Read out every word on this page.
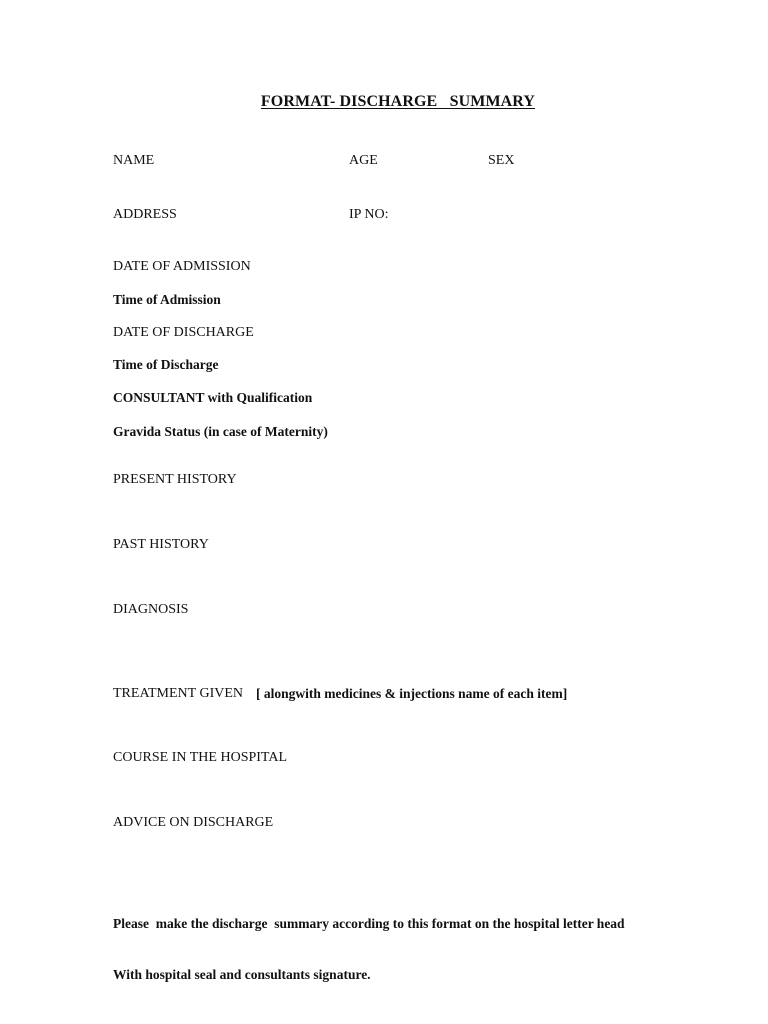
FORMAT- DISCHARGE   SUMMARY
NAME	AGE	SEX
ADDRESS	IP NO:
DATE OF ADMISSION
Time of Admission
DATE OF DISCHARGE
Time of Discharge
CONSULTANT with Qualification
Gravida Status (in case of Maternity)
PRESENT HISTORY
PAST HISTORY
DIAGNOSIS
TREATMENT GIVEN [ alongwith medicines & injections name of each item]
COURSE IN THE HOSPITAL
ADVICE ON DISCHARGE

Please  make the discharge  summary according to this format on the hospital letter head

With hospital seal and consultants signature.
